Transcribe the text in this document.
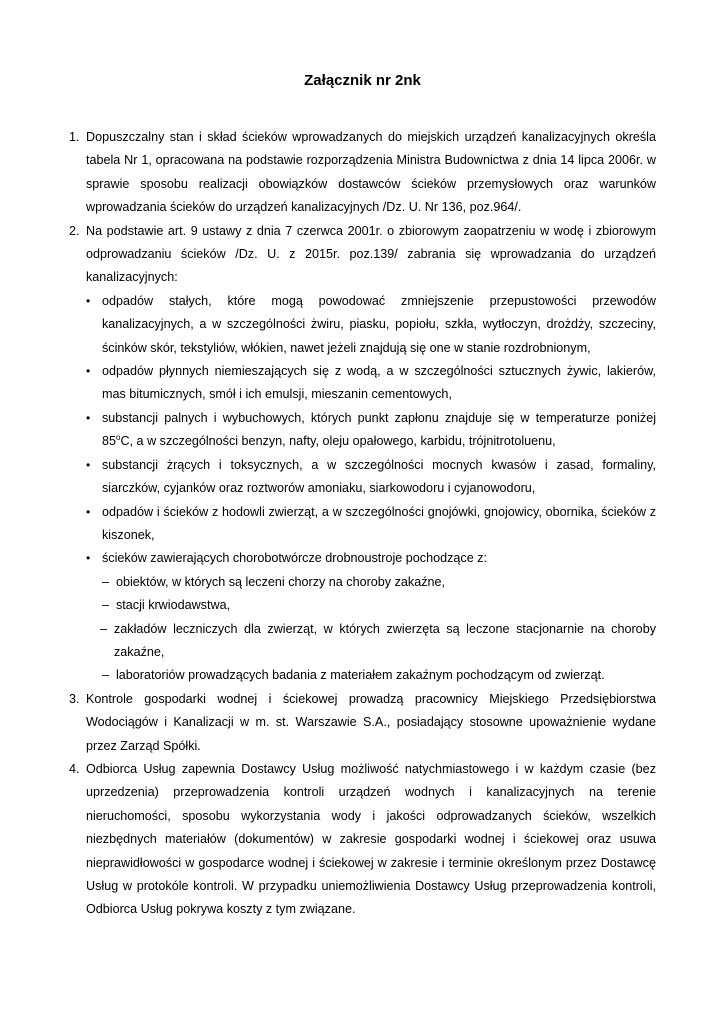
Załącznik nr 2nk
1. Dopuszczalny stan i skład ścieków wprowadzanych do miejskich urządzeń kanalizacyjnych określa tabela Nr 1, opracowana na podstawie rozporządzenia Ministra Budownictwa z dnia 14 lipca 2006r. w sprawie sposobu realizacji obowiązków dostawców ścieków przemysłowych oraz warunków wprowadzania ścieków do urządzeń kanalizacyjnych /Dz. U. Nr 136, poz.964/.
2. Na podstawie art. 9 ustawy z dnia 7 czerwca 2001r. o zbiorowym zaopatrzeniu w wodę i zbiorowym odprowadzaniu ścieków /Dz. U. z 2015r. poz.139/ zabrania się wprowadzania do urządzeń kanalizacyjnych:
• odpadów stałych, które mogą powodować zmniejszenie przepustowości przewodów kanalizacyjnych, a w szczególności żwiru, piasku, popiołu, szkła, wytłoczyn, drożdży, szczeciny, ścinków skór, tekstyliów, włókien, nawet jeżeli znajdują się one w stanie rozdrobnionym,
• odpadów płynnych niemieszających się z wodą, a w szczególności sztucznych żywic, lakierów, mas bitumicznych, smół i ich emulsji, mieszanin cementowych,
• substancji palnych i wybuchowych, których punkt zapłonu znajduje się w temperaturze poniżej 85$^o$C, a w szczególności benzyn, nafty, oleju opałowego, karbidu, trójnitrotoluenu,
• substancji żrących i toksycznych, a w szczególności mocnych kwasów i zasad, formaliny, siarczków, cyjanków oraz roztworów amoniaku, siarkowodoru i cyjanowodoru,
• odpadów i ścieków z hodowli zwierząt, a w szczególności gnojówki, gnojowicy, obornika, ścieków z kiszonek,
• ścieków zawierających chorobotwórcze drobnoustroje pochodzące z:
– obiektów, w których są leczeni chorzy na choroby zakaźne,
– stacji krwiodawstwa,
– zakładów leczniczych dla zwierząt, w których zwierzęta są leczone stacjonarnie na choroby zakaźne,
– laboratoriów prowadzących badania z materiałem zakaźnym pochodzącym od zwierząt.
3. Kontrole gospodarki wodnej i ściekowej prowadzą pracownicy Miejskiego Przedsiębiorstwa Wodociągów i Kanalizacji w m. st. Warszawie S.A., posiadający stosowne upoważnienie wydane przez Zarząd Spółki.
4. Odbiorca Usług zapewnia Dostawcy Usług możliwość natychmiastowego i w każdym czasie (bez uprzedzenia) przeprowadzenia kontroli urządzeń wodnych i kanalizacyjnych na terenie nieruchomości, sposobu wykorzystania wody i jakości odprowadzanych ścieków, wszelkich niezbędnych materiałów (dokumentów) w zakresie gospodarki wodnej i ściekowej oraz usuwa nieprawidłowości w gospodarce wodnej i ściekowej w zakresie i terminie określonym przez Dostawcę Usług w protokóle kontroli. W przypadku uniemożliwienia Dostawcy Usług przeprowadzenia kontroli, Odbiorca Usług pokrywa koszty z tym związane.
